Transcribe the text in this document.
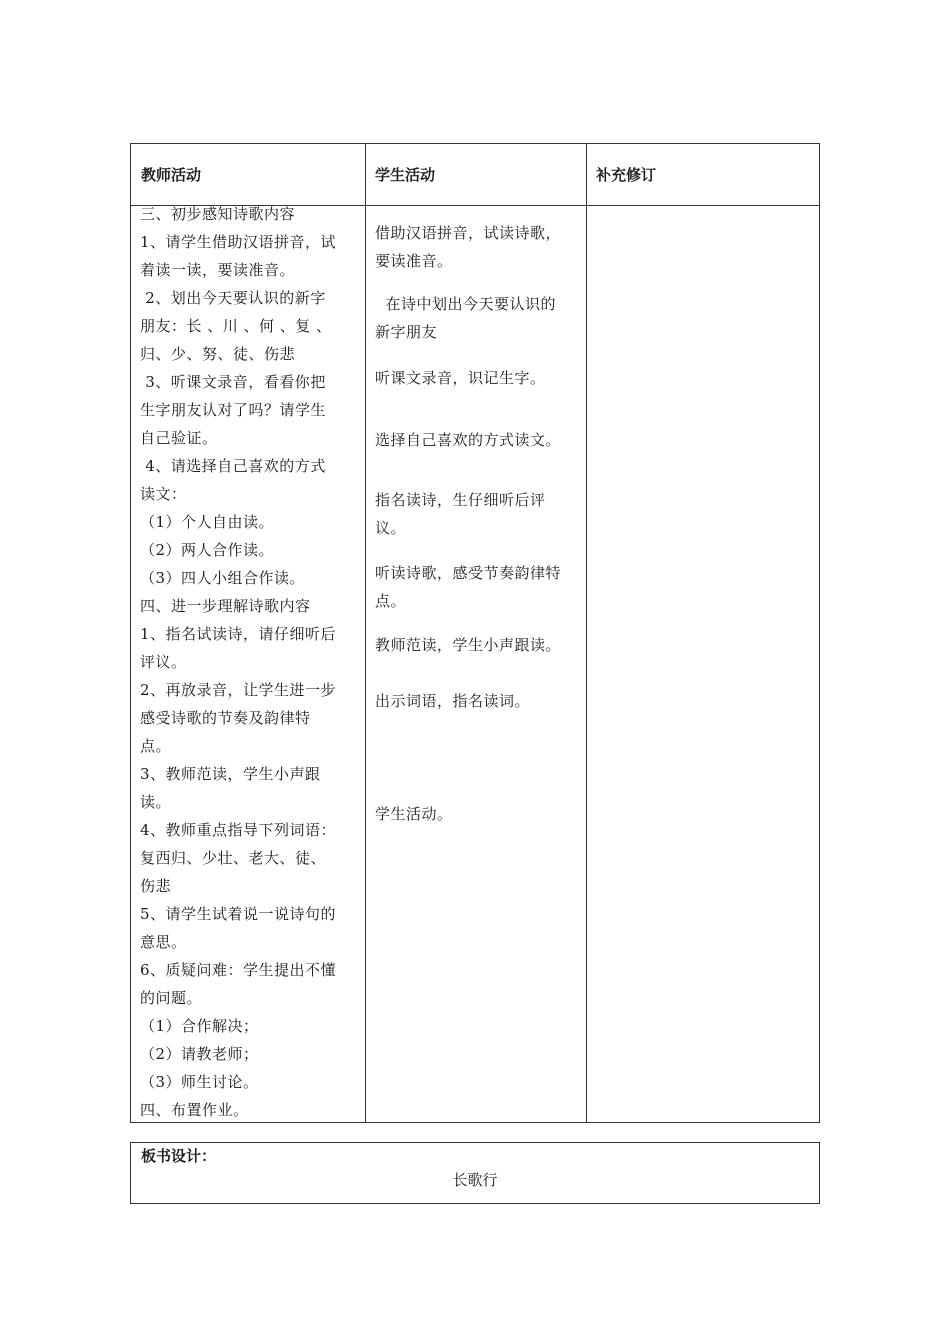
教师活动	学生活动	补充修订
三、初步感知诗歌内容
1、请学生借助汉语拼音，试
着读一读，要读准音。
2、划出今天要认识的新字
朋友：长 、川 、何 、复 、
归、少、努、徒、伤悲
3、听课文录音，看看你把
生字朋友认对了吗？请学生
自己验证。
4、请选择自己喜欢的方式
读文：
（1）个人自由读。
（2）两人合作读。
（3）四人小组合作读。
四、进一步理解诗歌内容
1、指名试读诗，请仔细听后
评议。
2、再放录音，让学生进一步
感受诗歌的节奏及韵律特
点。
3、教师范读，学生小声跟
读。
4、教师重点指导下列词语：
复西归、少壮、老大、徒、
伤悲
5、请学生试着说一说诗句的
意思。
6、质疑问难：学生提出不懂
的问题。
（1）合作解决；
（2）请教老师；
（3）师生讨论。
四、布置作业。
借助汉语拼音，试读诗歌，
要读准音。
在诗中划出今天要认识的
新字朋友
听课文录音，识记生字。
选择自己喜欢的方式读文。
指名读诗，生仔细听后评
议。
听读诗歌，感受节奏韵律特
点。
教师范读，学生小声跟读。
出示词语，指名读词。
学生活动。
板书设计：
长歌行
